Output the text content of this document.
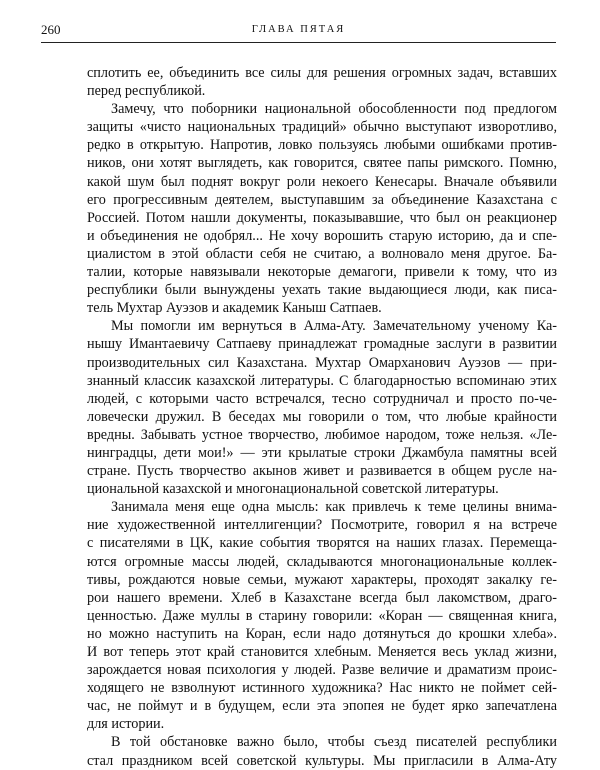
260	ГЛАВА ПЯТАЯ
сплотить ее, объединить все силы для решения огромных задач, вставших
перед республикой.
Замечу, что поборники национальной обособленности под предлогом
защиты «чисто национальных традиций» обычно выступают изворотливо,
редко в открытую. Напротив, ловко пользуясь любыми ошибками против-
ников, они хотят выглядеть, как говорится, святее папы римского. Помню,
какой шум был поднят вокруг роли некоего Кенесары. Вначале объявили
его прогрессивным деятелем, выступавшим за объединение Казахстана с
Россией. Потом нашли документы, показывавшие, что был он реакционер
и объединения не одобрял... Не хочу ворошить старую историю, да и спе-
циалистом в этой области себя не считаю, а волновало меня другое. Ба-
талии, которые навязывали некоторые демагоги, привели к тому, что из
республики были вынуждены уехать такие выдающиеся люди, как писа-
тель Мухтар Ауэзов и академик Каныш Сатпаев.
Мы помогли им вернуться в Алма-Ату. Замечательному ученому Ка-
нышу Имантаевичу Сатпаеву принадлежат громадные заслуги в развитии
производительных сил Казахстана. Мухтар Омарханович Ауэзов — при-
знанный классик казахской литературы. С благодарностью вспоминаю этих
людей, с которыми часто встречался, тесно сотрудничал и просто по-че-
ловечески дружил. В беседах мы говорили о том, что любые крайности
вредны. Забывать устное творчество, любимое народом, тоже нельзя. «Ле-
нинградцы, дети мои!» — эти крылатые строки Джамбула памятны всей
стране. Пусть творчество акынов живет и развивается в общем русле на-
циональной казахской и многонациональной советской литературы.
Занимала меня еще одна мысль: как привлечь к теме целины внима-
ние художественной интеллигенции? Посмотрите, говорил я на встрече
с писателями в ЦК, какие события творятся на наших глазах. Перемеща-
ются огромные массы людей, складываются многонациональные коллек-
тивы, рождаются новые семьи, мужают характеры, проходят закалку ге-
рои нашего времени. Хлеб в Казахстане всегда был лакомством, драго-
ценностью. Даже муллы в старину говорили: «Коран — священная книга,
но можно наступить на Коран, если надо дотянуться до крошки хлеба».
И вот теперь этот край становится хлебным. Меняется весь уклад жизни,
зарождается новая психология у людей. Разве величие и драматизм проис-
ходящего не взволнуют истинного художника? Нас никто не поймет сей-
час, не поймут и в будущем, если эта эпопея не будет ярко запечатлена
для истории.
В той обстановке важно было, чтобы съезд писателей республики
стал праздником всей советской культуры. Мы пригласили в Алма-Ату
